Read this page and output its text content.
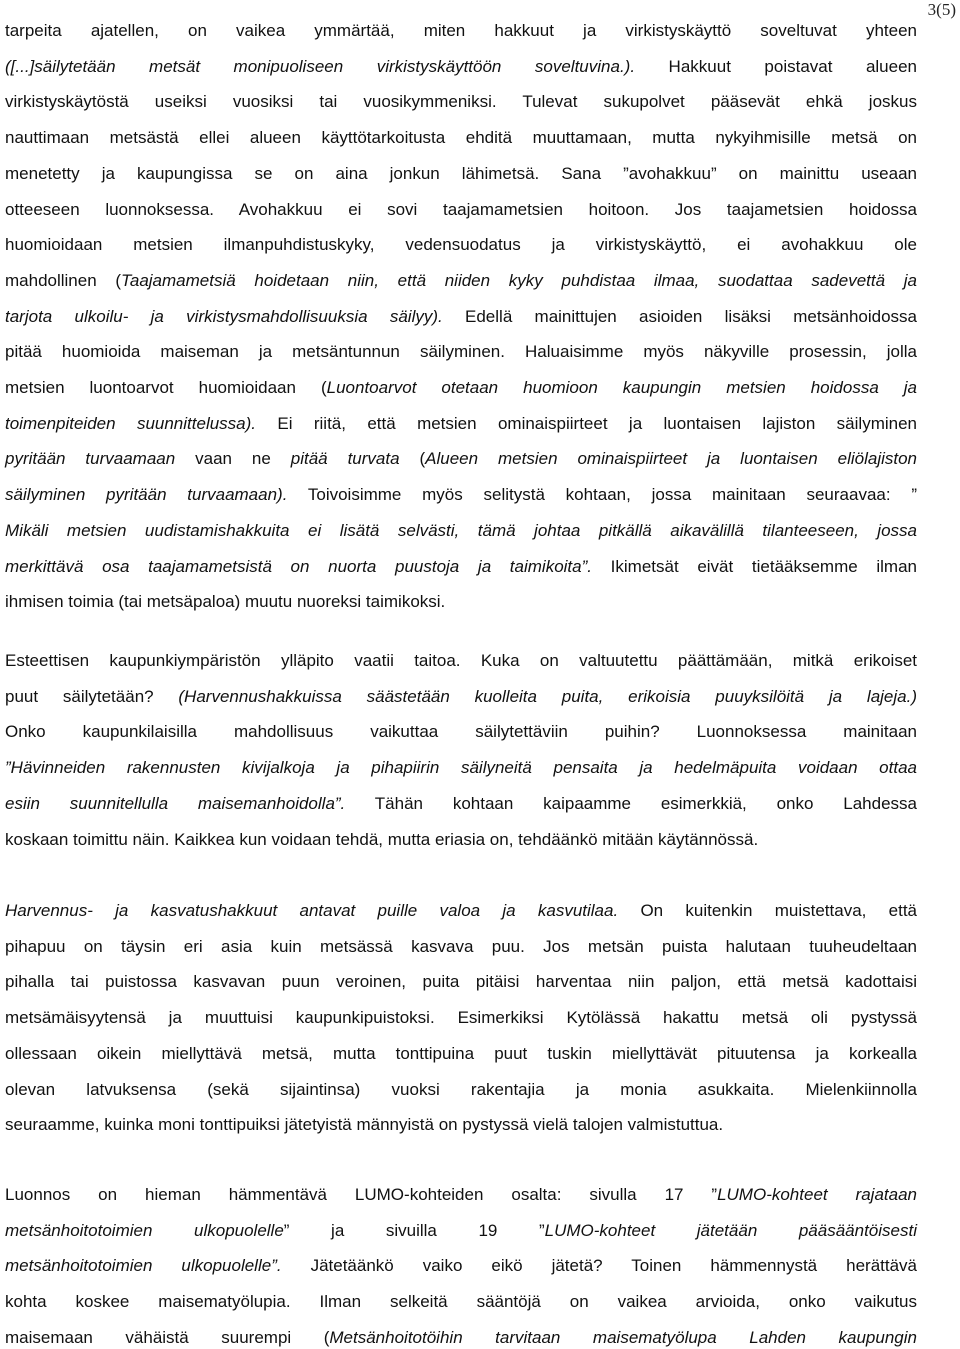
3(5)
tarpeita ajatellen, on vaikea ymmärtää, miten hakkuut ja virkistyskäyttö soveltuvat yhteen
([...]säilytetään metsät monipuoliseen virkistyskäyttöön soveltuvina.). Hakkuut poistavat alueen
virkistyskäytöstä useiksi vuosiksi tai vuosikymmeniksi. Tulevat sukupolvet pääsevät ehkä joskus
nauttimaan metsästä ellei alueen käyttötarkoitusta ehditä muuttamaan, mutta nykyihmisille metsä on
menetetty ja kaupungissa se on aina jonkun lähimetsä. Sana ”avohakkuu” on mainittu useaan
otteeseen luonnoksessa. Avohakkuu ei sovi taajamametsien hoitoon. Jos taajametsien hoidossa
huomioidaan metsien ilmanpuhdistuskyky, vedensuodatus ja virkistyskäyttö, ei avohakkuu ole
mahdollinen (Taajamametsiä hoidetaan niin, että niiden kyky puhdistaa ilmaa, suodattaa sadevettä ja
tarjota ulkoilu- ja virkistysmahdollisuuksia säilyy). Edellä mainittujen asioiden lisäksi metsänhoidossa
pitää huomioida maiseman ja metsäntunnun säilyminen. Haluaisimme myös näkyville prosessin, jolla
metsien luontoarvot huomioidaan (Luontoarvot otetaan huomioon kaupungin metsien hoidossa ja
toimenpiteiden suunnittelussa). Ei riitä, että metsien ominaispiirteet ja luontaisen lajiston säilyminen
pyritään turvaamaan vaan ne pitää turvata (Alueen metsien ominaispiirteet ja luontaisen eliölajiston
säilyminen pyritään turvaamaan). Toivoisimme myös selitystä kohtaan, jossa mainitaan seuraavaa: ”
Mikäli metsien uudistamishakkuita ei lisätä selvästi, tämä johtaa pitkällä aikavälillä tilanteeseen, jossa
merkittävä osa taajamametsistä on nuorta puustoja ja taimikoita”. Ikimetsät eivät tietääksemme ilman
ihmisen toimia (tai metsäpaloa) muutu nuoreksi taimikoksi.
Esteettisen kaupunkiympäristön ylläpito vaatii taitoa. Kuka on valtuutettu päättämään, mitkä erikoiset
puut säilytetään? (Harvennushakkuissa säästetään kuolleita puita, erikoisia puuyksilöitä ja lajeja.)
Onko kaupunkilaisilla mahdollisuus vaikuttaa säilytettäviin puihin? Luonnoksessa mainitaan
”Hävinneiden rakennusten kivijalkoja ja pihapiirin säilyneitä pensaita ja hedelmäpuita voidaan ottaa
esiin suunnitellulla maisemanhoidolla”. Tähän kohtaan kaipaamme esimerkkiä, onko Lahdessa
koskaan toimittu näin. Kaikkea kun voidaan tehdä, mutta eriasia on, tehdäänkö mitään käytännössä.
Harvennus- ja kasvatushakkuut antavat puille valoa ja kasvutilaa. On kuitenkin muistettava, että
pihapuu on täysin eri asia kuin metsässä kasvava puu. Jos metsän puista halutaan tuuheudeltaan
pihalla tai puistossa kasvavan puun veroinen, puita pitäisi harventaa niin paljon, että metsä kadottaisi
metsämäisyytensä ja muuttuisi kaupunkipuistoksi. Esimerkiksi Kytölässä hakattu metsä oli pystyssä
ollessaan oikein miellyttävä metsä, mutta tonttipuina puut tuskin miellyttävät pituutensa ja korkealla
olevan latvuksensa (sekä sijaintinsa) vuoksi rakentajia ja monia asukkaita. Mielenkiinnolla
seuraamme, kuinka moni tonttipuiksi jätetyistä männyistä on pystyssä vielä talojen valmistuttua.
Luonnos on hieman hämmentävä LUMO-kohteiden osalta: sivulla 17 ”LUMO-kohteet rajataan
metsänhoitotoimien ulkopuolelle” ja sivuilla 19 ”LUMO-kohteet jätetään pääsääntöisesti
metsänhoitotoimien ulkopuolelle”. Jätetäänkö vaiko eikö jätetä? Toinen hämmennystä herättävä
kohta koskee maisematyölupia. Ilman selkeitä sääntöjä on vaikea arvioida, onko vaikutus
maisemaan vähäistä suurempi (Metsänhoitotöihin tarvitaan maisematyölupa Lahden kaupungin
